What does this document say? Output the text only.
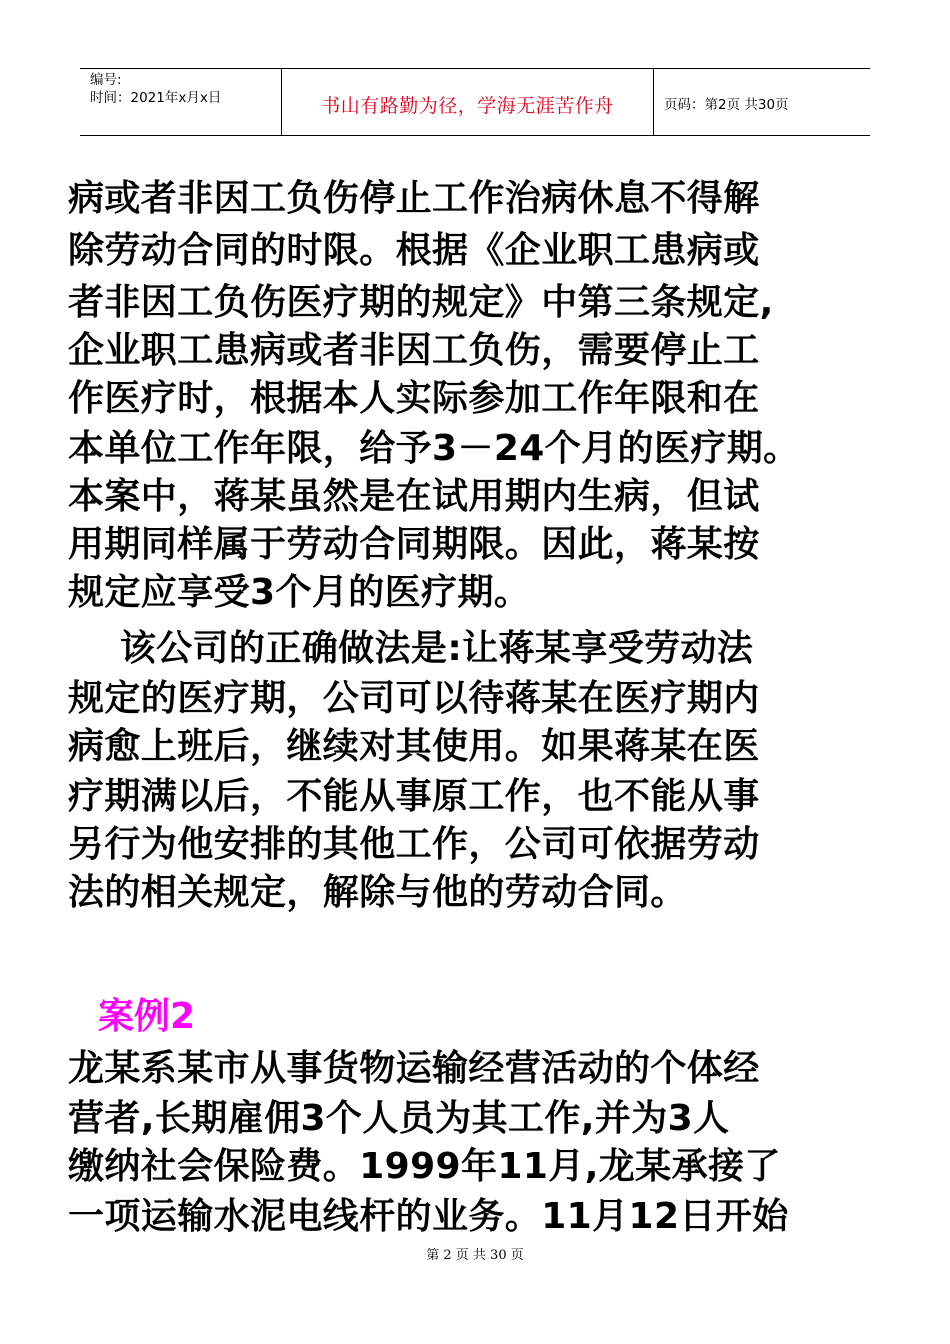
编号:
时间：2021年x月x日	书山有路勤为径，学海无涯苦作舟	页码：第2页 共30页
病或者非因工负伤停止工作治病休息不得解
除劳动合同的时限。根据《企业职工患病或
者非因工负伤医疗期的规定》中第三条规定,
企业职工患病或者非因工负伤，需要停止工
作医疗时，根据本人实际参加工作年限和在
本单位工作年限，给予3－24个月的医疗期。
本案中，蒋某虽然是在试用期内生病，但试
用期同样属于劳动合同期限。因此，蒋某按
规定应享受3个月的医疗期。
该公司的正确做法是:让蒋某享受劳动法
规定的医疗期，公司可以待蒋某在医疗期内
病愈上班后，继续对其使用。如果蒋某在医
疗期满以后，不能从事原工作，也不能从事
另行为他安排的其他工作，公司可依据劳动
法的相关规定，解除与他的劳动合同。
案例2
龙某系某市从事货物运输经营活动的个体经
营者,长期雇佣3个人员为其工作,并为3人
缴纳社会保险费。1999年11月,龙某承接了
一项运输水泥电线杆的业务。11月12日开始
第 2 页 共 30 页
